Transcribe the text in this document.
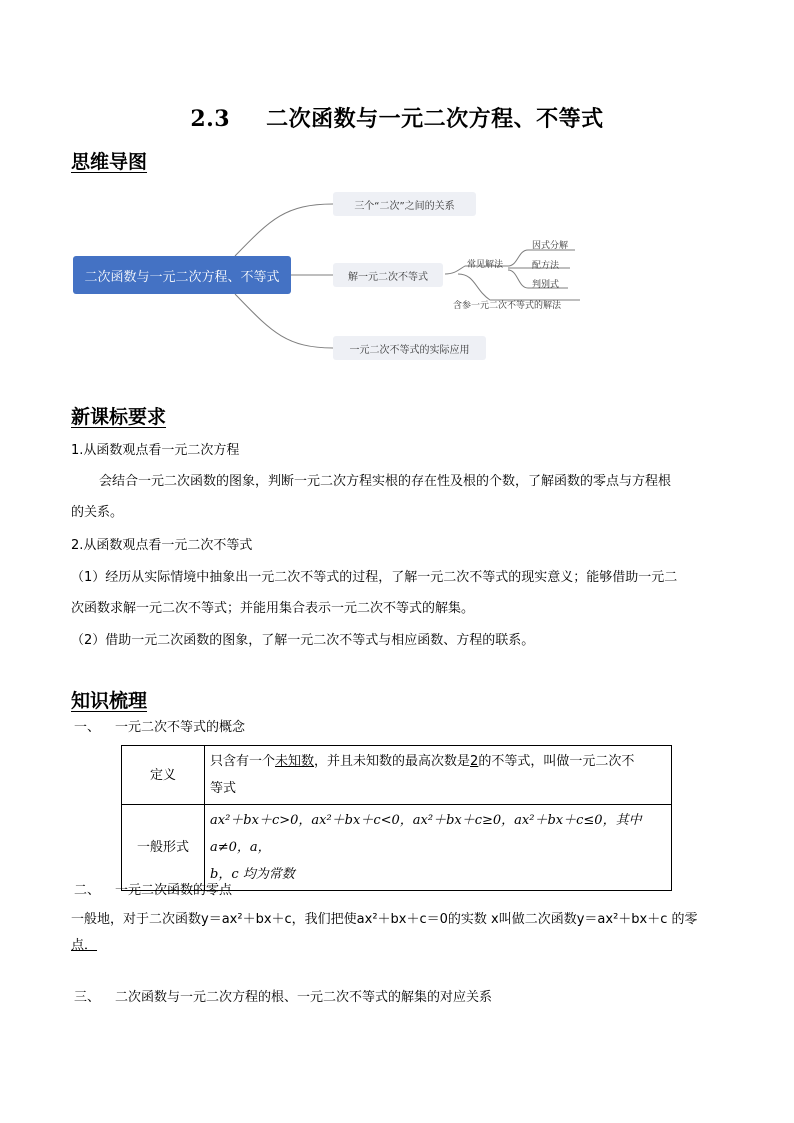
2.3 二次函数与一元二次方程、不等式
思维导图
二次函数与一元二次方程、不等式
三个“二次”之间的关系
解一元二次不等式
一元二次不等式的实际应用
常见解法
因式分解
配方法
判别式
含参一元二次不等式的解法
新课标要求
1.从函数观点看一元二次方程
会结合一元二次函数的图象，判断一元二次方程实根的存在性及根的个数，了解函数的零点与方程根
的关系。
2.从函数观点看一元二次不等式
（1）经历从实际情境中抽象出一元二次不等式的过程，了解一元二次不等式的现实意义；能够借助一元二
次函数求解一元二次不等式；并能用集合表示一元二次不等式的解集。
（2）借助一元二次函数的图象，了解一元二次不等式与相应函数、方程的联系。
知识梳理
一、 一元二次不等式的概念
定义	只含有一个未知数，并且未知数的最高次数是2的不等式，叫做一元二次不
等式
一般形式	ax²＋bx＋c>0，ax²＋bx＋c<0，ax²＋bx＋c≥0，ax²＋bx＋c≤0，其中 a≠0，a，
b，c 均为常数
二、 一元二次函数的零点
一般地，对于二次函数y＝ax²＋bx＋c，我们把使ax²＋bx＋c＝0的实数 x叫做二次函数y＝ax²＋bx＋c 的零
点．
三、 二次函数与一元二次方程的根、一元二次不等式的解集的对应关系
